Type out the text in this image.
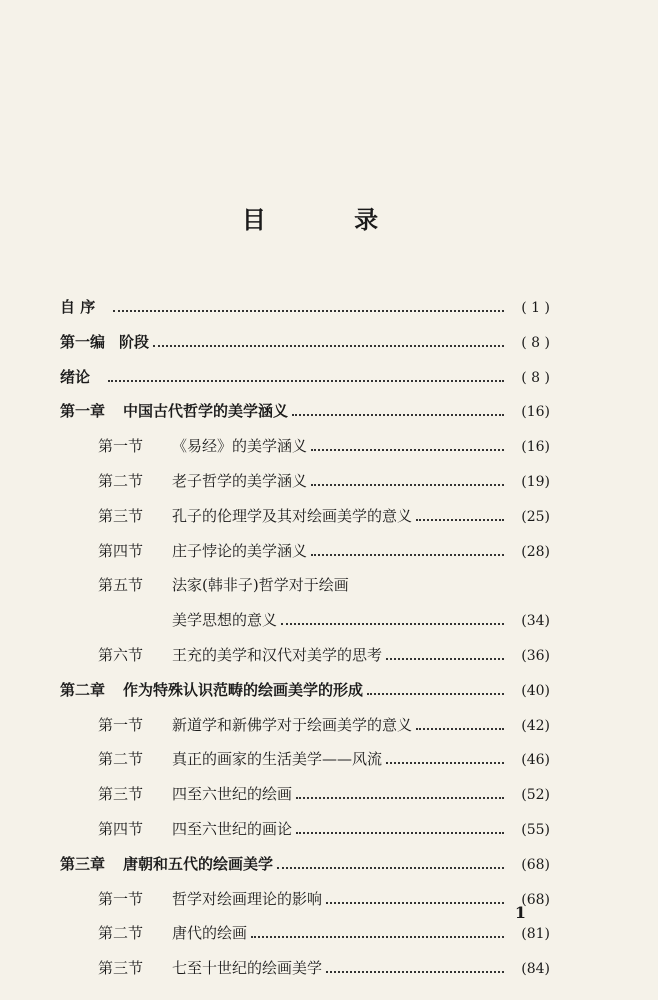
目 录
自 序	( 1 )
第一编 阶段	( 8 )
绪论	( 8 )
第一章 中国古代哲学的美学涵义	(16)
第一节	《易经》的美学涵义	(16)
第二节	老子哲学的美学涵义	(19)
第三节	孔子的伦理学及其对绘画美学的意义	(25)
第四节	庄子悖论的美学涵义	(28)
第五节	法家(韩非子)哲学对于绘画
美学思想的意义	(34)
第六节	王充的美学和汉代对美学的思考	(36)
第二章 作为特殊认识范畴的绘画美学的形成	(40)
第一节	新道学和新佛学对于绘画美学的意义	(42)
第二节	真正的画家的生活美学——风流	(46)
第三节	四至六世纪的绘画	(52)
第四节	四至六世纪的画论	(55)
第三章 唐朝和五代的绘画美学	(68)
第一节	哲学对绘画理论的影响	(68)
第二节	唐代的绘画	(81)
第三节	七至十世纪的绘画美学	(84)
1
